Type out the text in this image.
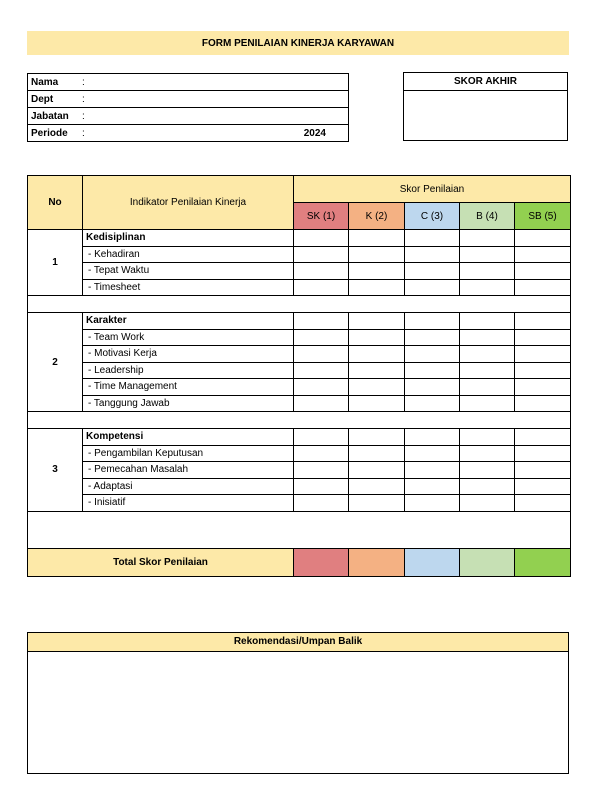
FORM PENILAIAN KINERJA KARYAWAN
Nama	:	
Dept	:	
Jabatan	:	
Periode	:	2024
SKOR AKHIR
No	Indikator Penilaian Kinerja	Skor Penilaian				
		SK (1)	K (2)	C (3)	B (4)	SB (5)
1	Kedisiplinan					
	- Kehadiran					
	- Tepat Waktu					
	- Timesheet					

2	Karakter					
	- Team Work					
	- Motivasi Kerja					
	- Leadership					
	- Time Management					
	- Tanggung Jawab					

3	Kompetensi					
	- Pengambilan Keputusan					
	- Pemecahan Masalah					
	- Adaptasi					
	- Inisiatif					

Total Skor Penilaian						
Rekomendasi/Umpan Balik
